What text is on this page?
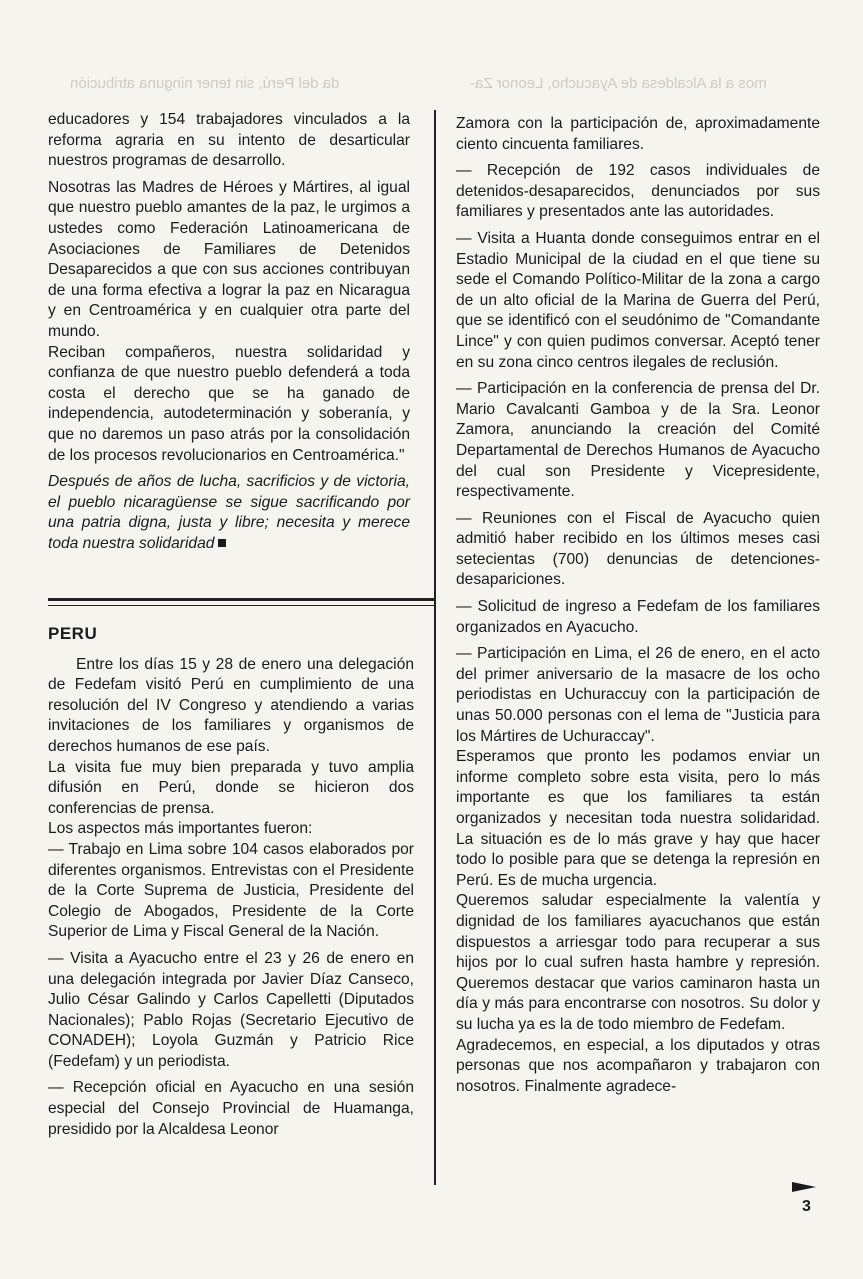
da del Perú, sin tener ninguna atribución	mos a la Alcaldesa de Ayacucho, Leonor Za-

educadores y 154 trabajadores vinculados a la reforma agraria en su intento de desarticular nuestros programas de desarrollo.

Nosotras las Madres de Héroes y Mártires, al igual que nuestro pueblo amantes de la paz, le urgimos a ustedes como Federación Latinoamericana de Asociaciones de Familiares de Detenidos Desaparecidos a que con sus acciones contribuyan de una forma efectiva a lograr la paz en Nicaragua y en Centroamérica y en cualquier otra parte del mundo.

Reciban compañeros, nuestra solidaridad y confianza de que nuestro pueblo defenderá a toda costa el derecho que se ha ganado de independencia, autodeterminación y soberanía, y que no daremos un paso atrás por la consolidación de los procesos revolucionarios en Centroamérica."

Después de años de lucha, sacrificios y de victoria, el pueblo nicaragüense se sigue sacrificando por una patria digna, justa y libre; necesita y merece toda nuestra solidaridad

PERU

Entre los días 15 y 28 de enero una delegación de Fedefam visitó Perú en cumplimiento de una resolución del IV Congreso y atendiendo a varias invitaciones de los familiares y organismos de derechos humanos de ese país.

La visita fue muy bien preparada y tuvo amplia difusión en Perú, donde se hicieron dos conferencias de prensa.

Los aspectos más importantes fueron:

— Trabajo en Lima sobre 104 casos elaborados por diferentes organismos. Entrevistas con el Presidente de la Corte Suprema de Justicia, Presidente del Colegio de Abogados, Presidente de la Corte Superior de Lima y Fiscal General de la Nación.

— Visita a Ayacucho entre el 23 y 26 de enero en una delegación integrada por Javier Díaz Canseco, Julio César Galindo y Carlos Capelletti (Diputados Nacionales); Pablo Rojas (Secretario Ejecutivo de CONADEH); Loyola Guzmán y Patricio Rice (Fedefam) y un periodista.

— Recepción oficial en Ayacucho en una sesión especial del Consejo Provincial de Huamanga, presidido por la Alcaldesa Leonor

Zamora con la participación de, aproximadamente ciento cincuenta familiares.

— Recepción de 192 casos individuales de detenidos-desaparecidos, denunciados por sus familiares y presentados ante las autoridades.

— Visita a Huanta donde conseguimos entrar en el Estadio Municipal de la ciudad en el que tiene su sede el Comando Político-Militar de la zona a cargo de un alto oficial de la Marina de Guerra del Perú, que se identificó con el seudónimo de "Comandante Lince" y con quien pudimos conversar. Aceptó tener en su zona cinco centros ilegales de reclusión.

— Participación en la conferencia de prensa del Dr. Mario Cavalcanti Gamboa y de la Sra. Leonor Zamora, anunciando la creación del Comité Departamental de Derechos Humanos de Ayacucho del cual son Presidente y Vicepresidente, respectivamente.

— Reuniones con el Fiscal de Ayacucho quien admitió haber recibido en los últimos meses casi setecientas (700) denuncias de detenciones-desapariciones.

— Solicitud de ingreso a Fedefam de los familiares organizados en Ayacucho.

— Participación en Lima, el 26 de enero, en el acto del primer aniversario de la masacre de los ocho periodistas en Uchuraccuy con la participación de unas 50.000 personas con el lema de "Justicia para los Mártires de Uchuraccay".

Esperamos que pronto les podamos enviar un informe completo sobre esta visita, pero lo más importante es que los familiares ta están organizados y necesitan toda nuestra solidaridad. La situación es de lo más grave y hay que hacer todo lo posible para que se detenga la represión en Perú. Es de mucha urgencia.

Queremos saludar especialmente la valentía y dignidad de los familiares ayacuchanos que están dispuestos a arriesgar todo para recuperar a sus hijos por lo cual sufren hasta hambre y represión. Queremos destacar que varios caminaron hasta un día y más para encontrarse con nosotros. Su dolor y su lucha ya es la de todo miembro de Fedefam.

Agradecemos, en especial, a los diputados y otras personas que nos acompañaron y trabajaron con nosotros. Finalmente agradece-

3
